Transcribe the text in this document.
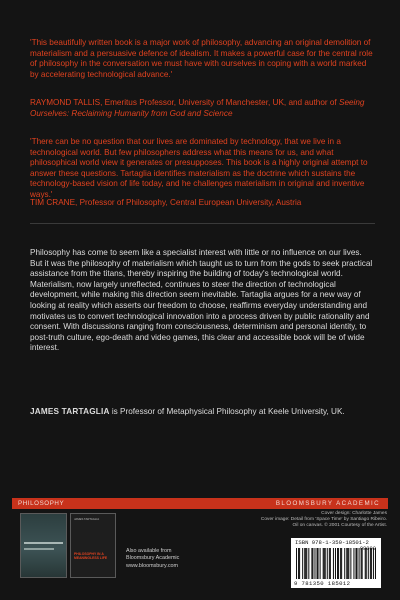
'This beautifully written book is a major work of philosophy, advancing an original demolition of materialism and a persuasive defence of idealism. It makes a powerful case for the central role of philosophy in the conversation we must have with ourselves in coping with a world marked by accelerating technological advance.'
RAYMOND TALLIS, Emeritus Professor, University of Manchester, UK, and author of Seeing Ourselves: Reclaiming Humanity from God and Science
'There can be no question that our lives are dominated by technology, that we live in a technological world. But few philosophers address what this means for us, and what philosophical world view it generates or presupposes. This book is a highly original attempt to answer these questions. Tartaglia identifies materialism as the doctrine which sustains the technology-based vision of life today, and he challenges materialism in original and inventive ways.'
TIM CRANE, Professor of Philosophy, Central European University, Austria
Philosophy has come to seem like a specialist interest with little or no influence on our lives. But it was the philosophy of materialism which taught us to turn from the gods to seek practical assistance from the titans, thereby inspiring the building of today's technological world. Materialism, now largely unreflected, continues to steer the direction of technological development, while making this direction seem inevitable. Tartaglia argues for a new way of looking at reality which asserts our freedom to choose, reaffirms everyday understanding and motivates us to convert technological innovation into a process driven by public rationality and consent. With discussions ranging from consciousness, determinism and personal identity, to post-truth culture, ego-death and video games, this clear and accessible book will be of wide interest.
JAMES TARTAGLIA is Professor of Metaphysical Philosophy at Keele University, UK.
PHILOSOPHY	BLOOMSBURY ACADEMIC
JAMES TARTAGLIA
PHILOSOPHY IN A MEANINGLESS LIFE
Also available from
Bloomsbury Academic
www.bloomsbury.com
Cover design: Charlotte James
Cover image: Detail from 'Space Time' by Santiago Ribeiro.
Oil on canvas. © 2001 Courtesy of the Artist.
ISBN 978-1-350-18501-2
9 781350 185012
